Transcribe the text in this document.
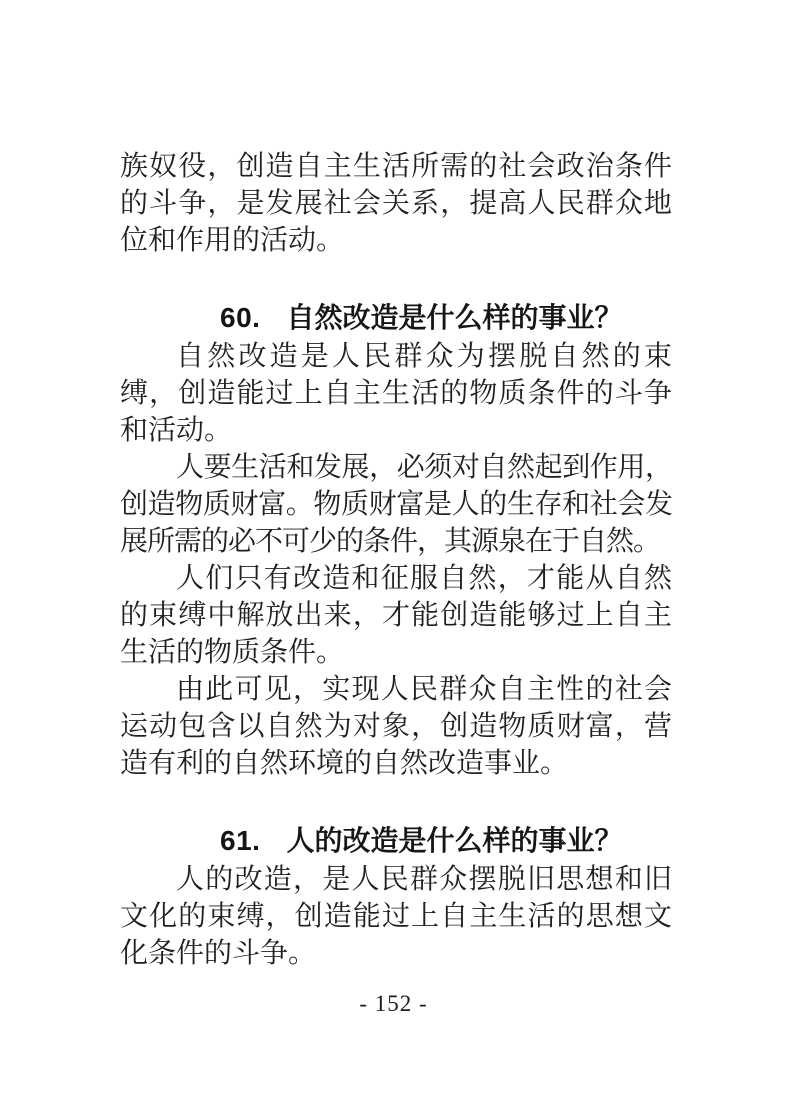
族奴役，创造自主生活所需的社会政治条件的斗争，是发展社会关系，提高人民群众地位和作用的活动。

60. 自然改造是什么样的事业？

自然改造是人民群众为摆脱自然的束缚，创造能过上自主生活的物质条件的斗争和活动。

人要生活和发展，必须对自然起到作用，创造物质财富。物质财富是人的生存和社会发展所需的必不可少的条件，其源泉在于自然。

人们只有改造和征服自然，才能从自然的束缚中解放出来，才能创造能够过上自主生活的物质条件。

由此可见，实现人民群众自主性的社会运动包含以自然为对象，创造物质财富，营造有利的自然环境的自然改造事业。

61. 人的改造是什么样的事业？

人的改造，是人民群众摆脱旧思想和旧文化的束缚，创造能过上自主生活的思想文化条件的斗争。

- 152 -
